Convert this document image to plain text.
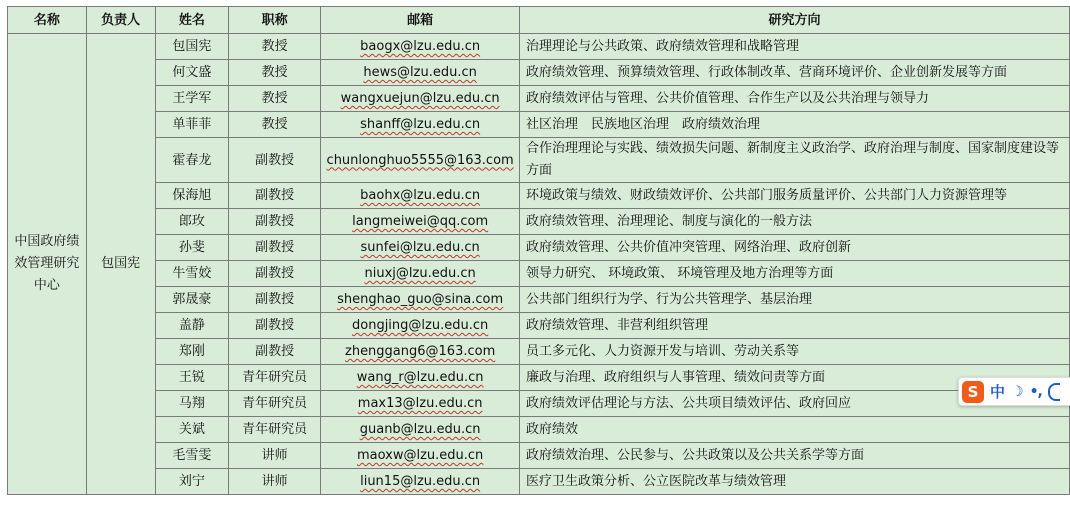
名称	负责人	姓名	职称	邮箱	研究方向
中国政府绩效管理研究中心	包国宪	包国宪	教授	baogx@lzu.edu.cn	治理理论与公共政策、政府绩效管理和战略管理
		何文盛	教授	hews@lzu.edu.cn	政府绩效管理、预算绩效管理、行政体制改革、营商环境评价、企业创新发展等方面
		王学军	教授	wangxuejun@lzu.edu.cn	政府绩效评估与管理、公共价值管理、合作生产以及公共治理与领导力
		单菲菲	教授	shanff@lzu.edu.cn	社区治理　民族地区治理　政府绩效治理
		霍春龙	副教授	chunlonghuo5555@163.com	合作治理理论与实践、绩效损失问题、新制度主义政治学、政府治理与制度、国家制度建设等方面
		保海旭	副教授	baohx@lzu.edu.cn	环境政策与绩效、财政绩效评价、公共部门服务质量评价、公共部门人力资源管理等
		郎玫	副教授	langmeiwei@qq.com	政府绩效管理、治理理论、制度与演化的一般方法
		孙斐	副教授	sunfei@lzu.edu.cn	政府绩效管理、公共价值冲突管理、网络治理、政府创新
		牛雪姣	副教授	niuxj@lzu.edu.cn	领导力研究、 环境政策、 环境管理及地方治理等方面
		郭晟豪	副教授	shenghao_guo@sina.com	公共部门组织行为学、行为公共管理学、基层治理
		盖静	副教授	dongjing@lzu.edu.cn	政府绩效管理、非营利组织管理
		郑刚	副教授	zhenggang6@163.com	员工多元化、人力资源开发与培训、劳动关系等
		王锐	青年研究员	wang_r@lzu.edu.cn	廉政与治理、政府组织与人事管理、绩效问责等方面
		马翔	青年研究员	max13@lzu.edu.cn	政府绩效评估理论与方法、公共项目绩效评估、政府回应
		关斌	青年研究员	guanb@lzu.edu.cn	政府绩效
		毛雪雯	讲师	maoxw@lzu.edu.cn	政府绩效治理、公民参与、公共政策以及公共关系学等方面
		刘宁	讲师	liun15@lzu.edu.cn	医疗卫生政策分析、公立医院改革与绩效管理
S 中 ☽ •,
